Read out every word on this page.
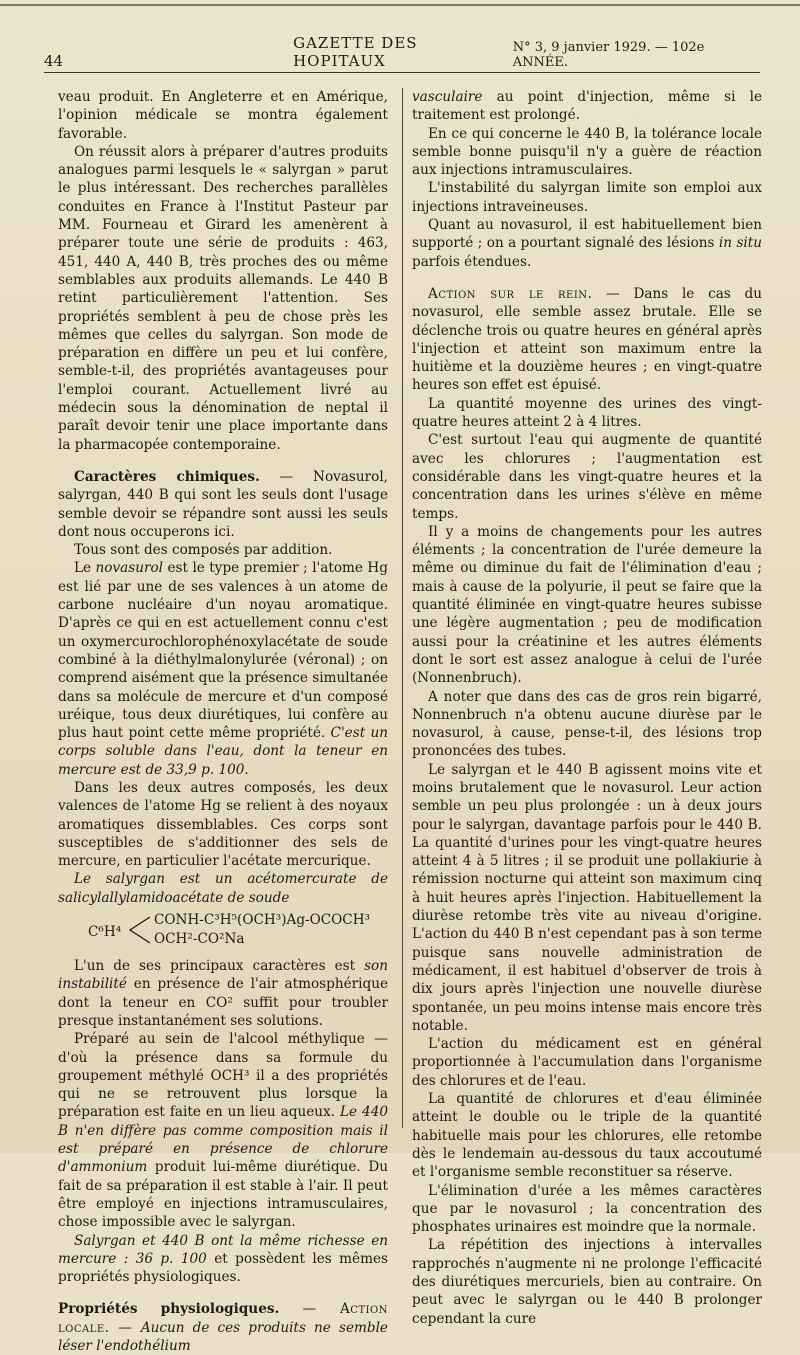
44
GAZETTE DES HOPITAUX
N° 3, 9 janvier 1929. — 102e ANNÉE.

veau produit. En Angleterre et en Amérique, l'opinion médicale se montra également favorable.

On réussit alors à préparer d'autres produits analogues parmi lesquels le « salyrgan » parut le plus intéressant. Des recherches parallèles conduites en France à l'Institut Pasteur par MM. Fourneau et Girard les amenèrent à préparer toute une série de produits : 463, 451, 440 A, 440 B, très proches des ou même semblables aux produits allemands. Le 440 B retint particulièrement l'attention. Ses propriétés semblent à peu de chose près les mêmes que celles du salyrgan. Son mode de préparation en diffère un peu et lui confère, semble-t-il, des propriétés avantageuses pour l'emploi courant. Actuellement livré au médecin sous la dénomination de neptal il paraît devoir tenir une place importante dans la pharmacopée contemporaine.

Caractères chimiques. — Novasurol, salyrgan, 440 B qui sont les seuls dont l'usage semble devoir se répandre sont aussi les seuls dont nous occuperons ici.

Tous sont des composés par addition.

Le novasurol est le type premier ; l'atome Hg est lié par une de ses valences à un atome de carbone nucléaire d'un noyau aromatique. D'après ce qui en est actuellement connu c'est un oxymercurochlorophénoxylacétate de soude combiné à la diéthylmalonylurée (véronal) ; on comprend aisément que la présence simultanée dans sa molécule de mercure et d'un composé uréique, tous deux diurétiques, lui confère au plus haut point cette même propriété. C'est un corps soluble dans l'eau, dont la teneur en mercure est de 33,9 p. 100.

Dans les deux autres composés, les deux valences de l'atome Hg se relient à des noyaux aromatiques dissemblables. Ces corps sont susceptibles de s'additionner des sels de mercure, en particulier l'acétate mercurique.

Le salyrgan est un acétomercurate de salicylallylamidoacétate de soude

C⁶H⁴
CONH-C³H⁵(OCH³)Ag-OCOCH³
OCH²-CO²Na

L'un de ses principaux caractères est son instabilité en présence de l'air atmosphérique dont la teneur en CO² suffit pour troubler presque instantanément ses solutions.

Préparé au sein de l'alcool méthylique — d'où la présence dans sa formule du groupement méthylé OCH³ il a des propriétés qui ne se retrouvent plus lorsque la préparation est faite en un lieu aqueux. Le 440 B n'en diffère pas comme composition mais il est préparé en présence de chlorure d'ammonium produit lui-même diurétique. Du fait de sa préparation il est stable à l'air. Il peut être employé en injections intramusculaires, chose impossible avec le salyrgan.

Salyrgan et 440 B ont la même richesse en mercure : 36 p. 100 et possèdent les mêmes propriétés physiologiques.

Propriétés physiologiques. — Action locale. — Aucun de ces produits ne semble léser l'endothélium

vasculaire au point d'injection, même si le traitement est prolongé.

En ce qui concerne le 440 B, la tolérance locale semble bonne puisqu'il n'y a guère de réaction aux injections intramusculaires.

L'instabilité du salyrgan limite son emploi aux injections intraveineuses.

Quant au novasurol, il est habituellement bien supporté ; on a pourtant signalé des lésions in situ parfois étendues.

Action sur le rein. — Dans le cas du novasurol, elle semble assez brutale. Elle se déclenche trois ou quatre heures en général après l'injection et atteint son maximum entre la huitième et la douzième heures ; en vingt-quatre heures son effet est épuisé.

La quantité moyenne des urines des vingt-quatre heures atteint 2 à 4 litres.

C'est surtout l'eau qui augmente de quantité avec les chlorures ; l'augmentation est considérable dans les vingt-quatre heures et la concentration dans les urines s'élève en même temps.

Il y a moins de changements pour les autres éléments ; la concentration de l'urée demeure la même ou diminue du fait de l'élimination d'eau ; mais à cause de la polyurie, il peut se faire que la quantité éliminée en vingt-quatre heures subisse une légère augmentation ; peu de modification aussi pour la créatinine et les autres éléments dont le sort est assez analogue à celui de l'urée (Nonnenbruch).

A noter que dans des cas de gros rein bigarré, Nonnenbruch n'a obtenu aucune diurèse par le novasurol, à cause, pense-t-il, des lésions trop prononcées des tubes.

Le salyrgan et le 440 B agissent moins vite et moins brutalement que le novasurol. Leur action semble un peu plus prolongée : un à deux jours pour le salyrgan, davantage parfois pour le 440 B. La quantité d'urines pour les vingt-quatre heures atteint 4 à 5 litres ; il se produit une pollakiurie à rémission nocturne qui atteint son maximum cinq à huit heures après l'injection. Habituellement la diurèse retombe très vite au niveau d'origine. L'action du 440 B n'est cependant pas à son terme puisque sans nouvelle administration de médicament, il est habituel d'observer de trois à dix jours après l'injection une nouvelle diurèse spontanée, un peu moins intense mais encore très notable.

L'action du médicament est en général proportionnée à l'accumulation dans l'organisme des chlorures et de l'eau.

La quantité de chlorures et d'eau éliminée atteint le double ou le triple de la quantité habituelle mais pour les chlorures, elle retombe dès le lendemain au-dessous du taux accoutumé et l'organisme semble reconstituer sa réserve.

L'élimination d'urée a les mêmes caractères que par le novasurol ; la concentration des phosphates urinaires est moindre que la normale.

La répétition des injections à intervalles rapprochés n'augmente ni ne prolonge l'efficacité des diurétiques mercuriels, bien au contraire. On peut avec le salyrgan ou le 440 B prolonger cependant la cure
